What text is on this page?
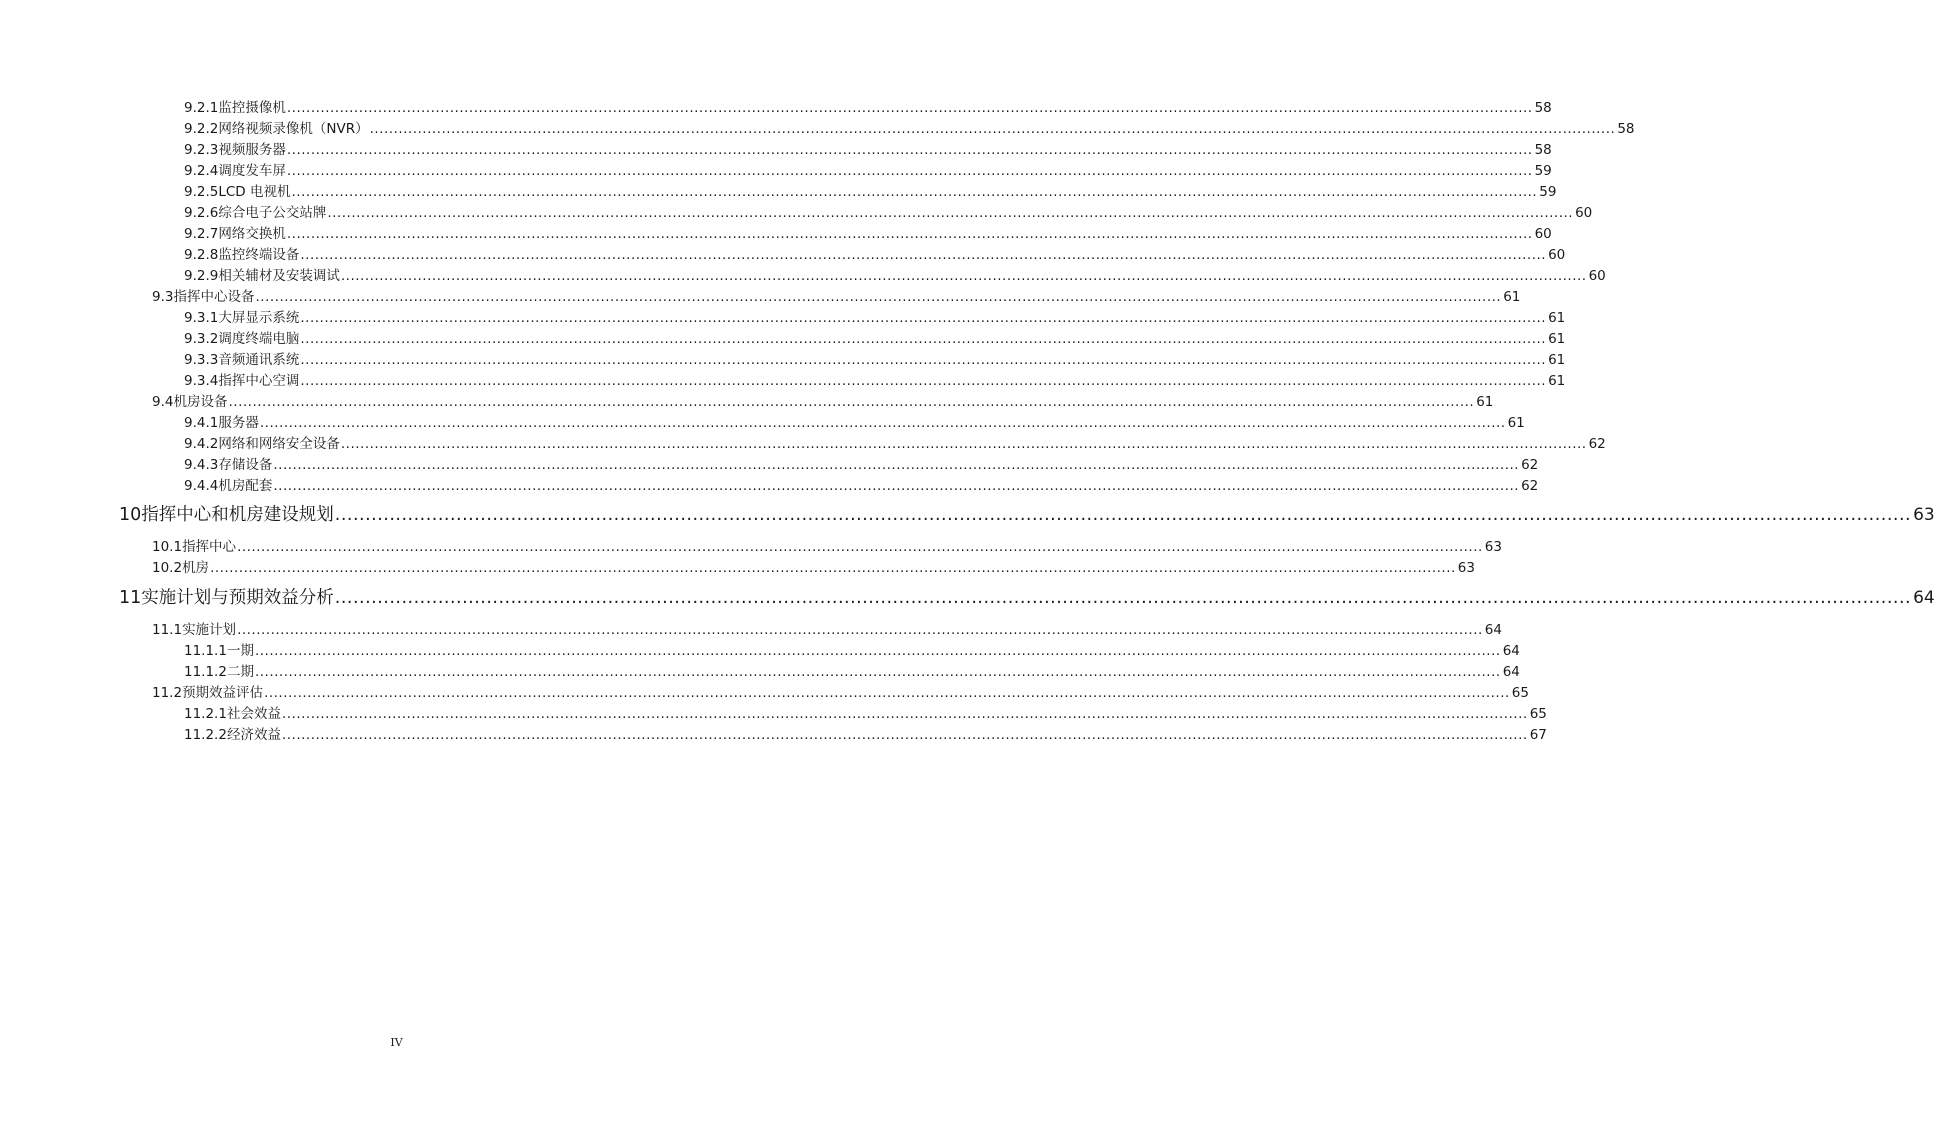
9.2.1 监控摄像机 .................................................................................................................................................................................................................................................................... 58
9.2.2 网络视频录像机（NVR） .................................................................................................................................................................................................................................................................... 58
9.2.3 视频服务器 .................................................................................................................................................................................................................................................................... 58
9.2.4 调度发车屏 .................................................................................................................................................................................................................................................................... 59
9.2.5 LCD 电视机 .................................................................................................................................................................................................................................................................... 59
9.2.6 综合电子公交站牌 .................................................................................................................................................................................................................................................................... 60
9.2.7 网络交换机 .................................................................................................................................................................................................................................................................... 60
9.2.8 监控终端设备 .................................................................................................................................................................................................................................................................... 60
9.2.9 相关辅材及安装调试 .................................................................................................................................................................................................................................................................... 60
9.3 指挥中心设备 .................................................................................................................................................................................................................................................................... 61
9.3.1 大屏显示系统 .................................................................................................................................................................................................................................................................... 61
9.3.2 调度终端电脑 .................................................................................................................................................................................................................................................................... 61
9.3.3 音频通讯系统 .................................................................................................................................................................................................................................................................... 61
9.3.4 指挥中心空调 .................................................................................................................................................................................................................................................................... 61
9.4 机房设备 .................................................................................................................................................................................................................................................................... 61
9.4.1 服务器 .................................................................................................................................................................................................................................................................... 61
9.4.2 网络和网络安全设备 .................................................................................................................................................................................................................................................................... 62
9.4.3 存储设备 .................................................................................................................................................................................................................................................................... 62
9.4.4 机房配套 .................................................................................................................................................................................................................................................................... 62
10 指挥中心和机房建设规划 .................................................................................................................................................................................................................................................................... 63
10.1 指挥中心 .................................................................................................................................................................................................................................................................... 63
10.2 机房 .................................................................................................................................................................................................................................................................... 63
11 实施计划与预期效益分析 .................................................................................................................................................................................................................................................................... 64
11.1 实施计划 .................................................................................................................................................................................................................................................................... 64
11.1.1 一期 .................................................................................................................................................................................................................................................................... 64
11.1.2 二期 .................................................................................................................................................................................................................................................................... 64
11.2 预期效益评估 .................................................................................................................................................................................................................................................................... 65
11.2.1 社会效益 .................................................................................................................................................................................................................................................................... 65
11.2.2 经济效益 .................................................................................................................................................................................................................................................................... 67
IV
